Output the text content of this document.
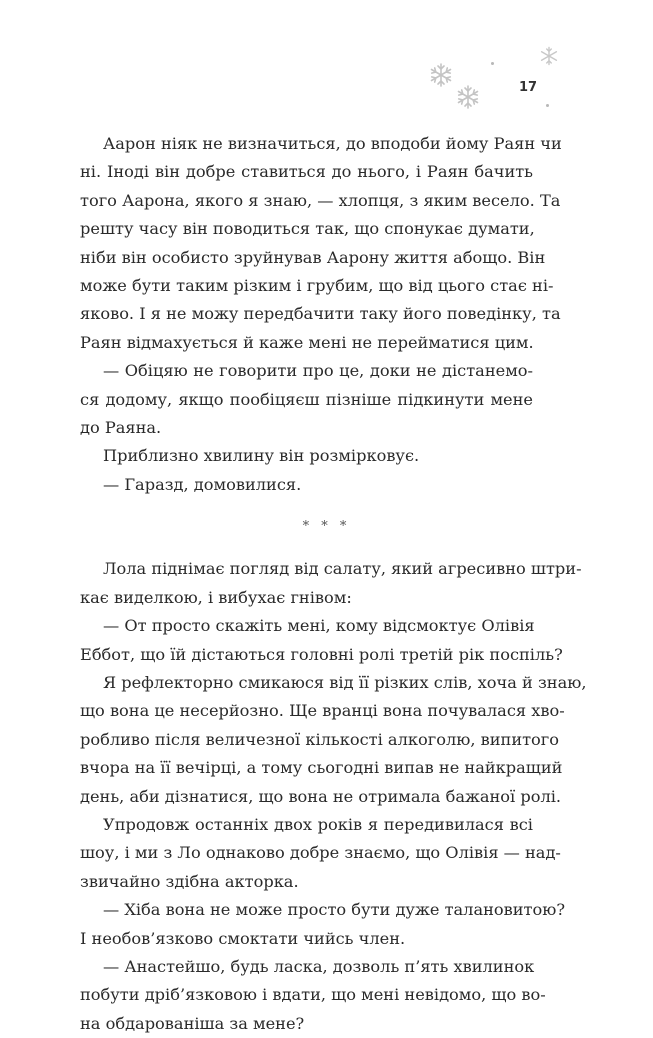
17

Аарон ніяк не визначиться, до вподоби йому Раян чи
ні. Іноді він добре ставиться до нього, і Раян бачить
того Аарона, якого я знаю, — хлопця, з яким весело. Та
решту часу він поводиться так, що спонукає думати,
ніби він особисто зруйнував Аарону життя абощо. Він
може бути таким різким і грубим, що від цього стає ні-
яково. І я не можу передбачити таку його поведінку, та
Раян відмахується й каже мені не перейматися цим.

— Обіцяю не говорити про це, доки не дістанемо-
ся додому, якщо пообіцяєш пізніше підкинути мене
до Раяна.

Приблизно хвилину він розмірковує.

— Гаразд, домовилися.

* * *

Лола піднімає погляд від салату, який агресивно штри-
кає виделкою, і вибухає гнівом:

— От просто скажіть мені, кому відсмоктує Олівія
Еббот, що їй дістаються головні ролі третій рік поспіль?

Я рефлекторно смикаюся від її різких слів, хоча й знаю,
що вона це несерйозно. Ще вранці вона почувалася хво-
робливо після величезної кількості алкоголю, випитого
вчора на її вечірці, а тому сьогодні випав не найкращий
день, аби дізнатися, що вона не отримала бажаної ролі.

Упродовж останніх двох років я передивилася всі
шоу, і ми з Ло однаково добре знаємо, що Олівія — над-
звичайно здібна акторка.

— Хіба вона не може просто бути дуже талановитою?
І необов’язково смоктати чийсь член.

— Анастейшо, будь ласка, дозволь п’ять хвилинок
побути дріб’язковою і вдати, що мені невідомо, що во-
на обдарованіша за мене?
